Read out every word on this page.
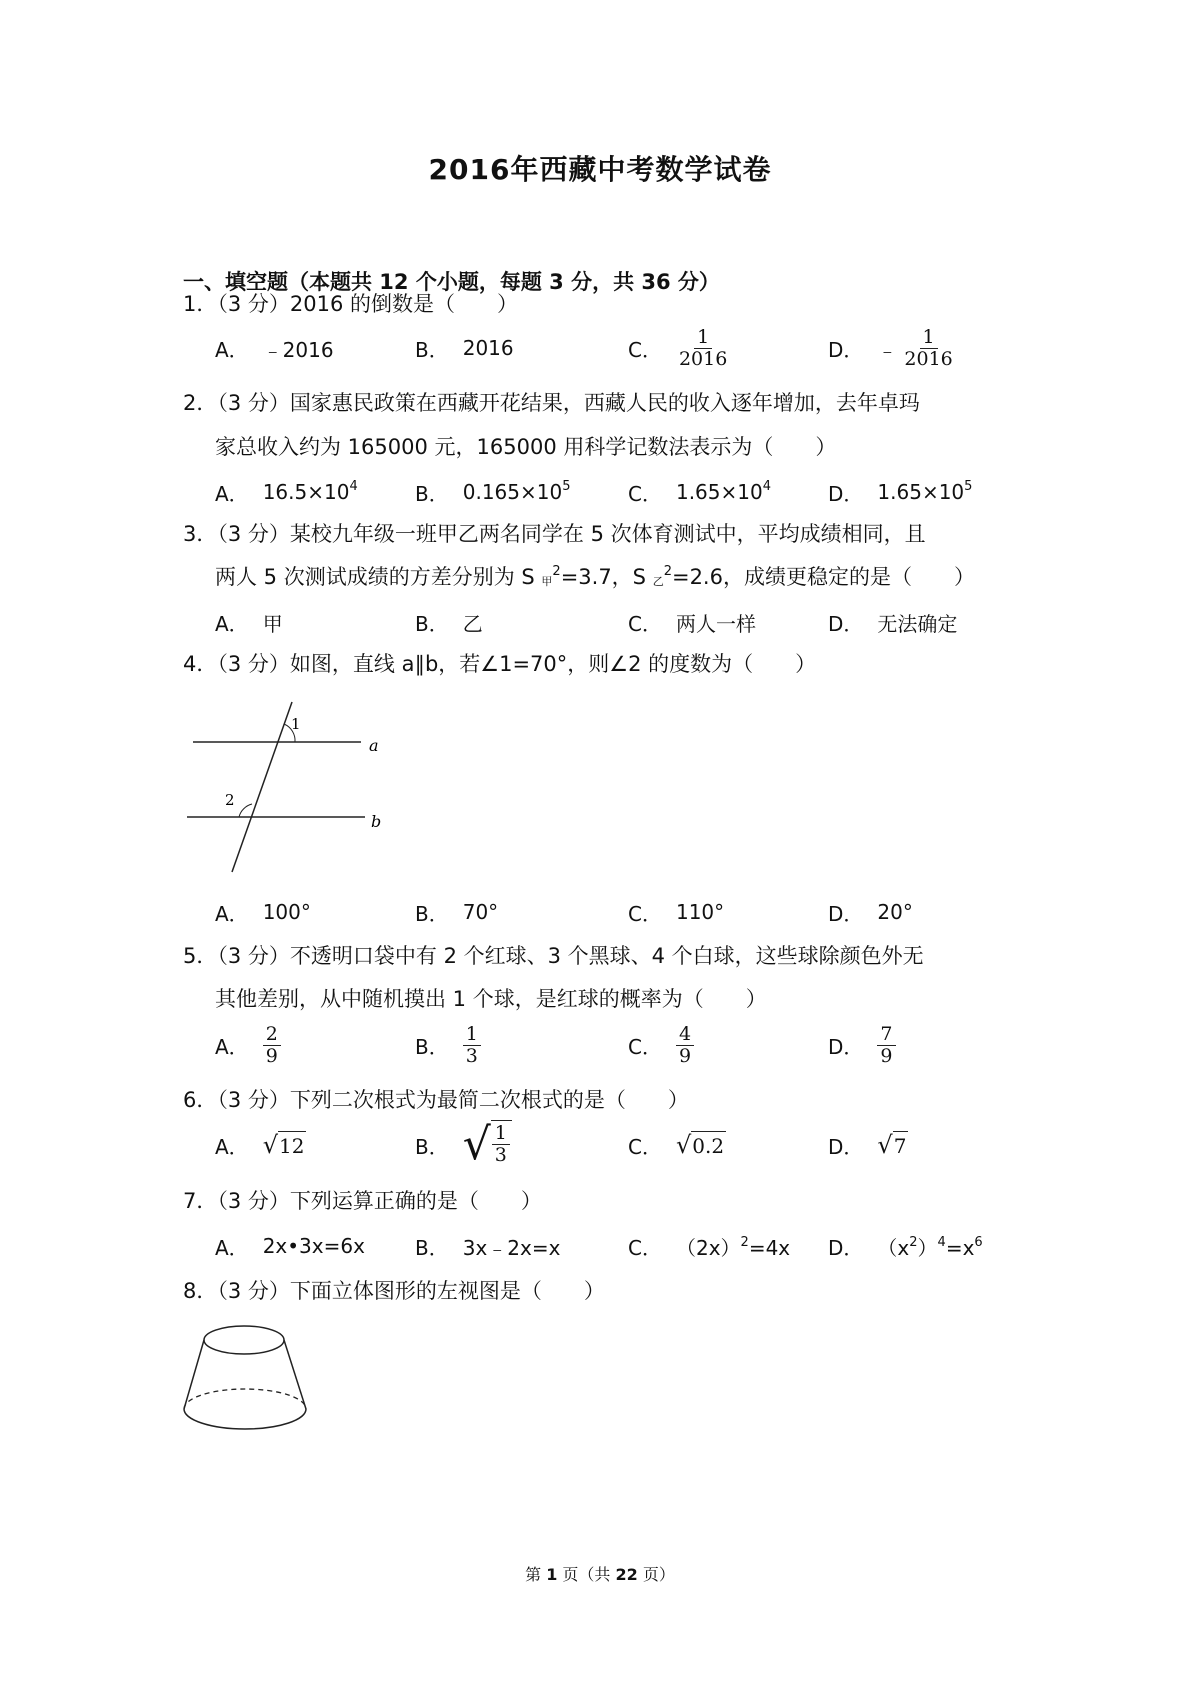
2016年西藏中考数学试卷
一、填空题（本题共 12 个小题，每题 3 分，共 36 分）
1．（3 分）2016 的倒数是（　　）
A． ﹣2016	B． 2016	C． $\frac{1}{2016}$	D． ﹣ $\frac{1}{2016}$
2．（3 分）国家惠民政策在西藏开花结果，西藏人民的收入逐年增加，去年卓玛
家总收入约为 165000 元，165000 用科学记数法表示为（　　）
A． $16.5\times 10^4$	B． $0.165\times 10^5$	C． $1.65\times 10^4$	D． $1.65\times 10^5$
3．（3 分）某校九年级一班甲乙两名同学在 5 次体育测试中，平均成绩相同，且
两人 5 次测试成绩的方差分别为 S $_甲^2$=3.7，S $_乙^2$=2.6，成绩更稳定的是（　　）
A． 甲	B． 乙	C． 两人一样	D． 无法确定
4．（3 分）如图，直线 a∥b，若∠1=70°，则∠2 的度数为（　　）
1
2
a
b
A． 100°	B． 70°	C． 110°	D． 20°
5．（3 分）不透明口袋中有 2 个红球、3 个黑球、4 个白球，这些球除颜色外无
其他差别，从中随机摸出 1 个球，是红球的概率为（　　）
A． $\frac{2}{9}$	B． $\frac{1}{3}$	C． $\frac{4}{9}$	D． $\frac{7}{9}$
6．（3 分）下列二次根式为最简二次根式的是（　　）
A． √ 12	B． √ $\frac{1}{3}$	C． √ 0.2	D． √ 7
7．（3 分）下列运算正确的是（　　）
A． 2x•3x=6x	B． 3x﹣2x=x	C． $(2x)^2=4x$ D． $(x^2)^4=x^6$
8．（3 分）下面立体图形的左视图是（　　）
第 1 页（共 22 页）
